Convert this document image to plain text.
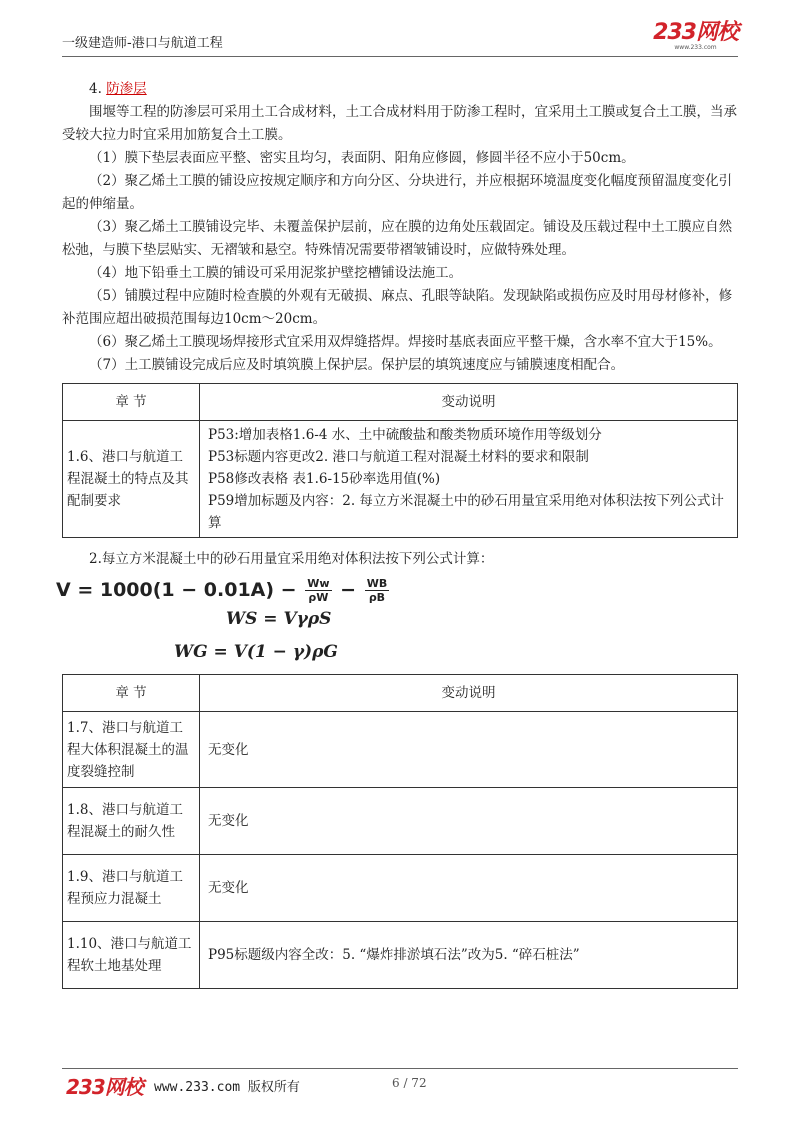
一级建造师-港口与航道工程	233网校
www.233.com

4. 防渗层

围堰等工程的防渗层可采用土工合成材料，土工合成材料用于防渗工程时，宜采用土工膜或复合土工膜，当承受较大拉力时宜采用加筋复合土工膜。

（1）膜下垫层表面应平整、密实且均匀，表面阴、阳角应修圆，修圆半径不应小于50cm。

（2）聚乙烯土工膜的铺设应按规定顺序和方向分区、分块进行，并应根据环境温度变化幅度预留温度变化引起的伸缩量。

（3）聚乙烯土工膜铺设完毕、未覆盖保护层前，应在膜的边角处压载固定。铺设及压载过程中土工膜应自然松弛，与膜下垫层贴实、无褶皱和悬空。特殊情况需要带褶皱铺设时，应做特殊处理。

（4）地下铅垂土工膜的铺设可采用泥浆护壁挖槽铺设法施工。

（5）铺膜过程中应随时检查膜的外观有无破损、麻点、孔眼等缺陷。发现缺陷或损伤应及时用母材修补，修补范围应超出破损范围每边10cm～20cm。

（6）聚乙烯土工膜现场焊接形式宜采用双焊缝搭焊。焊接时基底表面应平整干燥，含水率不宜大于15%。

（7）土工膜铺设完成后应及时填筑膜上保护层。保护层的填筑速度应与铺膜速度相配合。

章 节	变动说明
1.6、港口与航道工程混凝土的特点及其配制要求	P53:增加表格1.6-4 水、土中硫酸盐和酸类物质环境作用等级划分
P53标题内容更改2. 港口与航道工程对混凝土材料的要求和限制
P58修改表格 表1.6-15砂率选用值(%)
P59增加标题及内容：2. 每立方米混凝土中的砂石用量宜采用绝对体积法按下列公式计算

2.每立方米混凝土中的砂石用量宜采用绝对体积法按下列公式计算：

$V = 1000(1 - 0.01A) - \frac{Ww}{\rho W} - \frac{WB}{\rho B}$
WS = VγρS
WG = V(1 − γ)ρG
章 节	变动说明
1.7、港口与航道工程大体积混凝土的温度裂缝控制	无变化
1.8、港口与航道工程混凝土的耐久性	无变化
1.9、港口与航道工程预应力混凝土	无变化
1.10、港口与航道工程软土地基处理	P95标题级内容全改：5. “爆炸排淤填石法”改为5. “碎石桩法”
233网校 www.233.com 版权所有	6 / 72
